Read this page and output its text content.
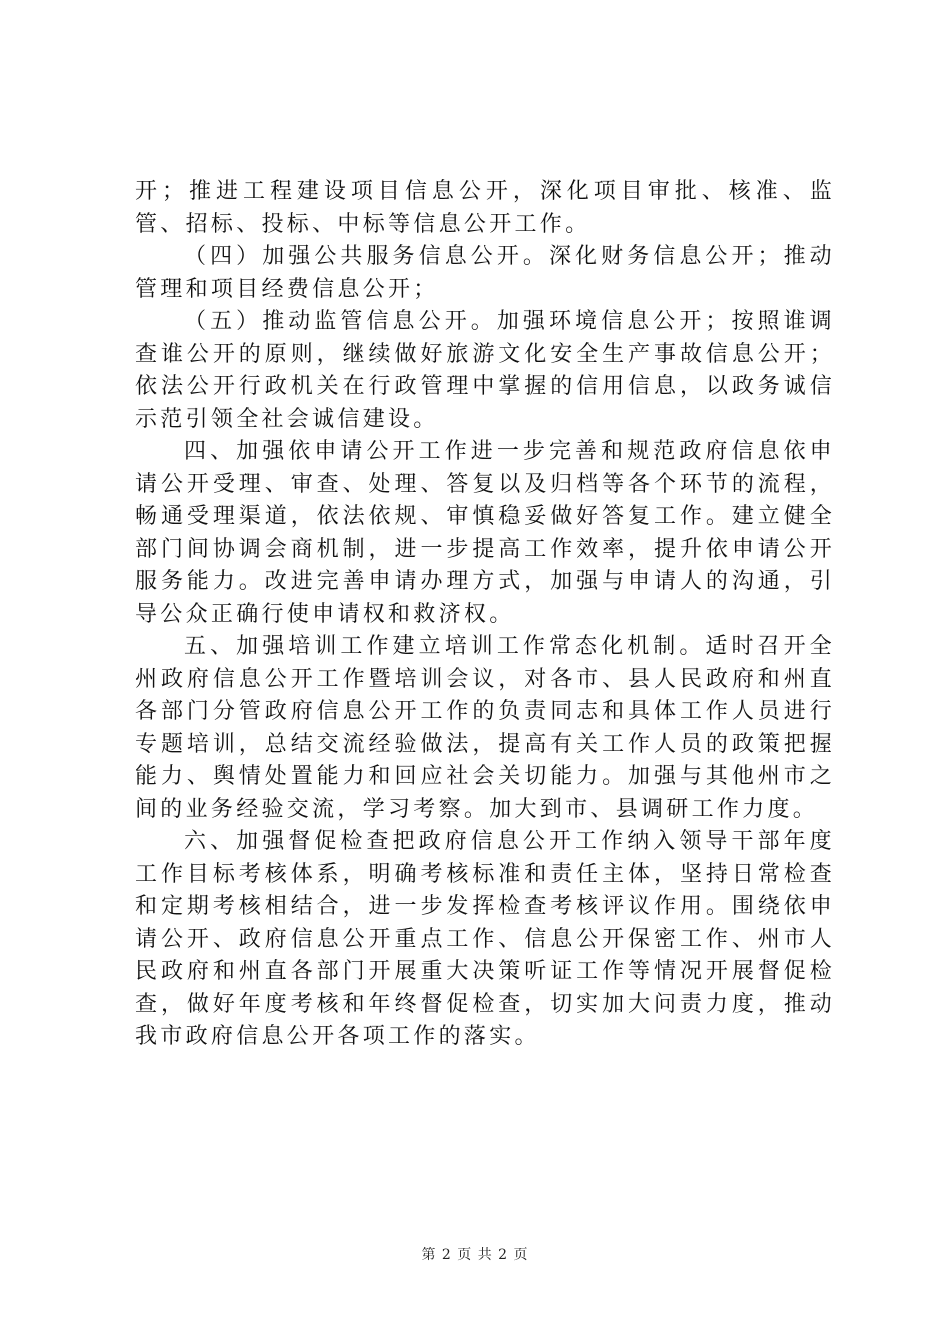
开；推进工程建设项目信息公开，深化项目审批、核准、监管、招标、投标、中标等信息公开工作。

（四）加强公共服务信息公开。深化财务信息公开；推动管理和项目经费信息公开；

（五）推动监管信息公开。加强环境信息公开；按照谁调查谁公开的原则，继续做好旅游文化安全生产事故信息公开；依法公开行政机关在行政管理中掌握的信用信息，以政务诚信示范引领全社会诚信建设。

四、加强依申请公开工作进一步完善和规范政府信息依申请公开受理、审查、处理、答复以及归档等各个环节的流程，畅通受理渠道，依法依规、审慎稳妥做好答复工作。建立健全部门间协调会商机制，进一步提高工作效率，提升依申请公开服务能力。改进完善申请办理方式，加强与申请人的沟通，引导公众正确行使申请权和救济权。

五、加强培训工作建立培训工作常态化机制。适时召开全州政府信息公开工作暨培训会议，对各市、县人民政府和州直各部门分管政府信息公开工作的负责同志和具体工作人员进行专题培训，总结交流经验做法，提高有关工作人员的政策把握能力、舆情处置能力和回应社会关切能力。加强与其他州市之间的业务经验交流，学习考察。加大到市、县调研工作力度。

六、加强督促检查把政府信息公开工作纳入领导干部年度工作目标考核体系，明确考核标准和责任主体，坚持日常检查和定期考核相结合，进一步发挥检查考核评议作用。围绕依申请公开、政府信息公开重点工作、信息公开保密工作、州市人民政府和州直各部门开展重大决策听证工作等情况开展督促检查，做好年度考核和年终督促检查，切实加大问责力度，推动我市政府信息公开各项工作的落实。

第 2 页 共 2 页
